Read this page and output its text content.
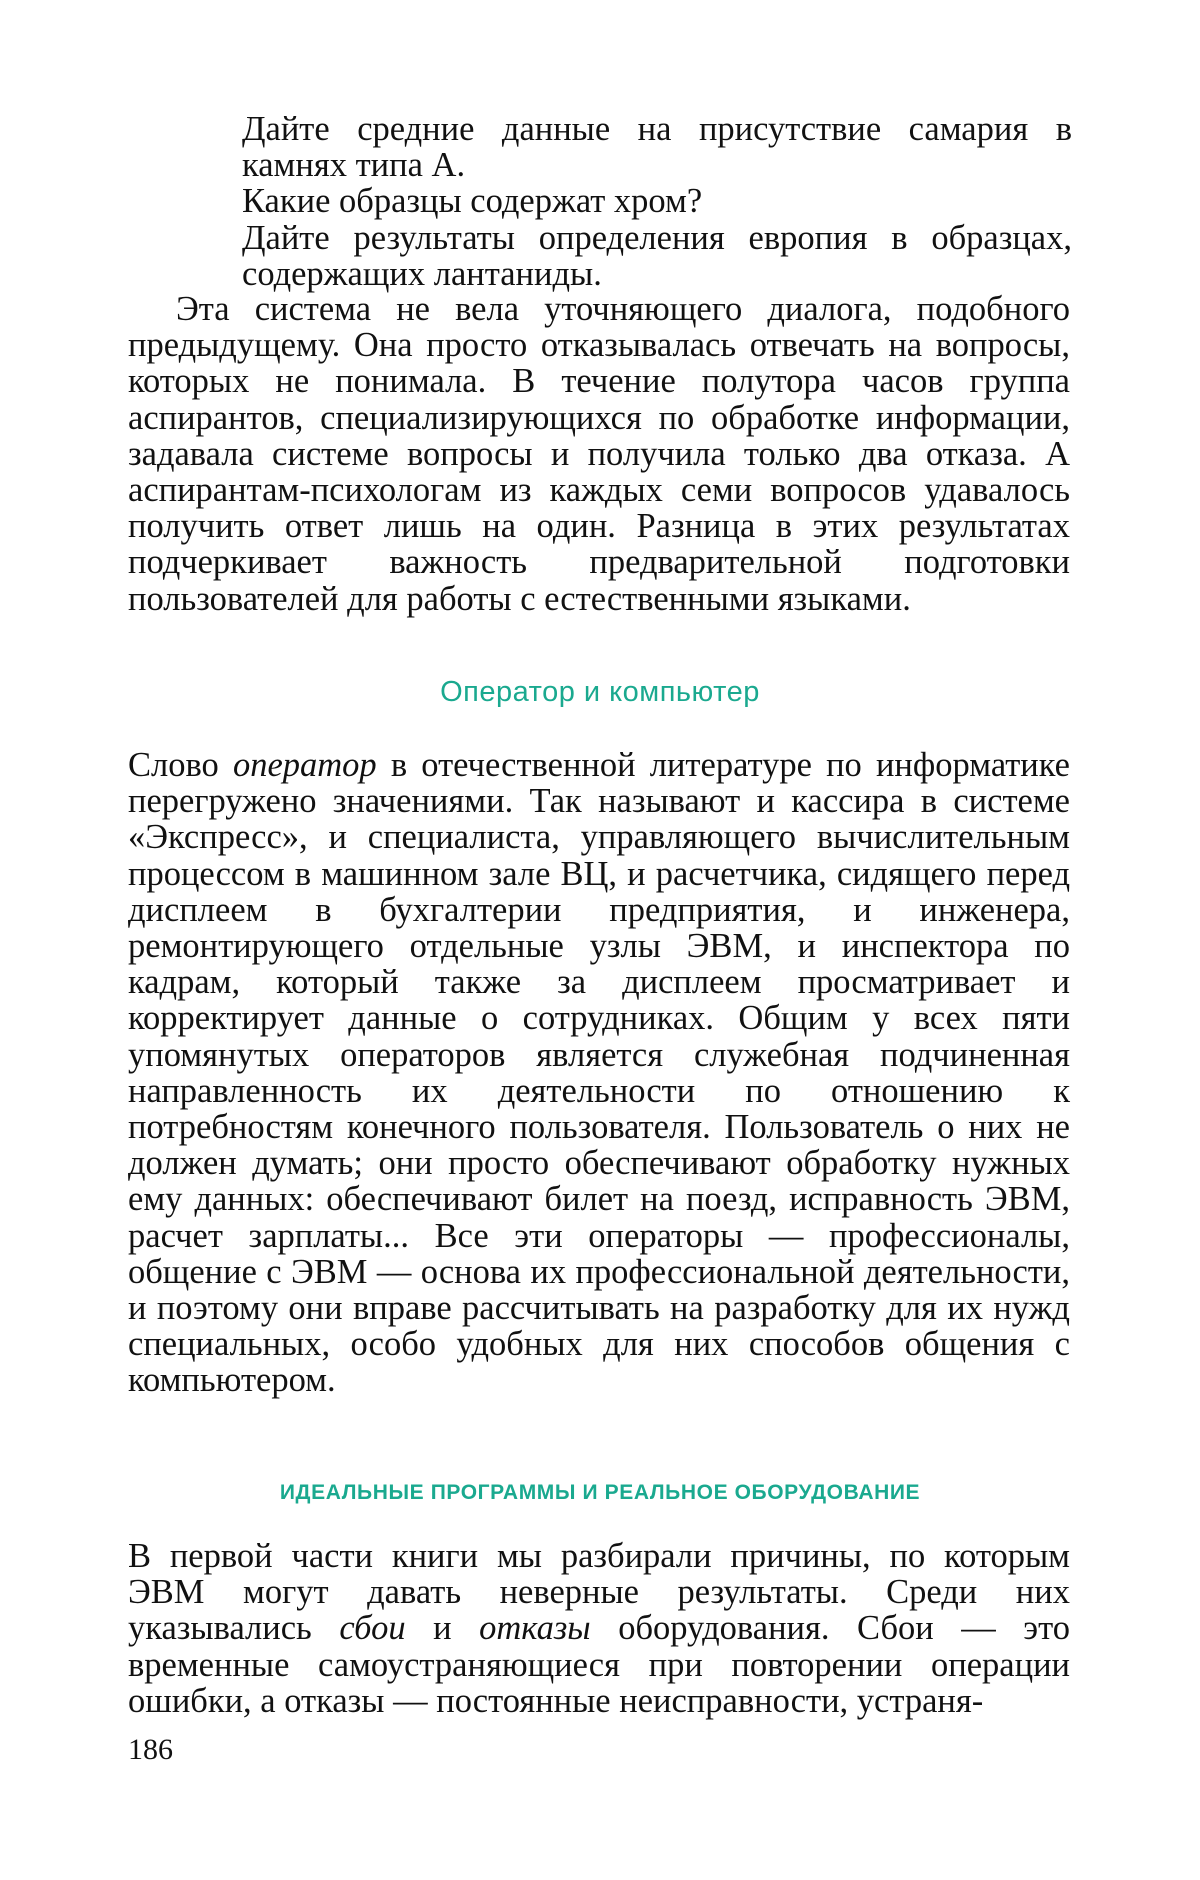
Дайте средние данные на присутствие самария в камнях типа А.
Какие образцы содержат хром?
Дайте результаты определения европия в образцах, содержащих лантаниды.

Эта система не вела уточняющего диалога, подобного предыдущему. Она просто отказывалась отвечать на вопросы, которых не понимала. В течение полутора часов группа аспирантов, специализирующихся по обработке информации, задавала системе вопросы и получила только два отказа. А аспирантам-психологам из каждых семи вопросов удавалось получить ответ лишь на один. Разница в этих результатах подчеркивает важность предварительной подготовки пользователей для работы с естественными языками.

Оператор и компьютер

Слово оператор в отечественной литературе по информатике перегружено значениями. Так называют и кассира в системе «Экспресс», и специалиста, управляющего вычислительным процессом в машинном зале ВЦ, и расчетчика, сидящего перед дисплеем в бухгалтерии предприятия, и инженера, ремонтирующего отдельные узлы ЭВМ, и инспектора по кадрам, который также за дисплеем просматривает и корректирует данные о сотрудниках. Общим у всех пяти упомянутых операторов является служебная подчиненная направленность их деятельности по отношению к потребностям конечного пользователя. Пользователь о них не должен думать; они просто обеспечивают обработку нужных ему данных: обеспечивают билет на поезд, исправность ЭВМ, расчет зарплаты... Все эти операторы — профессионалы, общение с ЭВМ — основа их профессиональной деятельности, и поэтому они вправе рассчитывать на разработку для их нужд специальных, особо удобных для них способов общения с компьютером.

ИДЕАЛЬНЫЕ ПРОГРАММЫ И РЕАЛЬНОЕ ОБОРУДОВАНИЕ

В первой части книги мы разбирали причины, по которым ЭВМ могут давать неверные результаты. Среди них указывались сбои и отказы оборудования. Сбои — это временные самоустраняющиеся при повторении операции ошибки, а отказы — постоянные неисправности, устраня-

186
